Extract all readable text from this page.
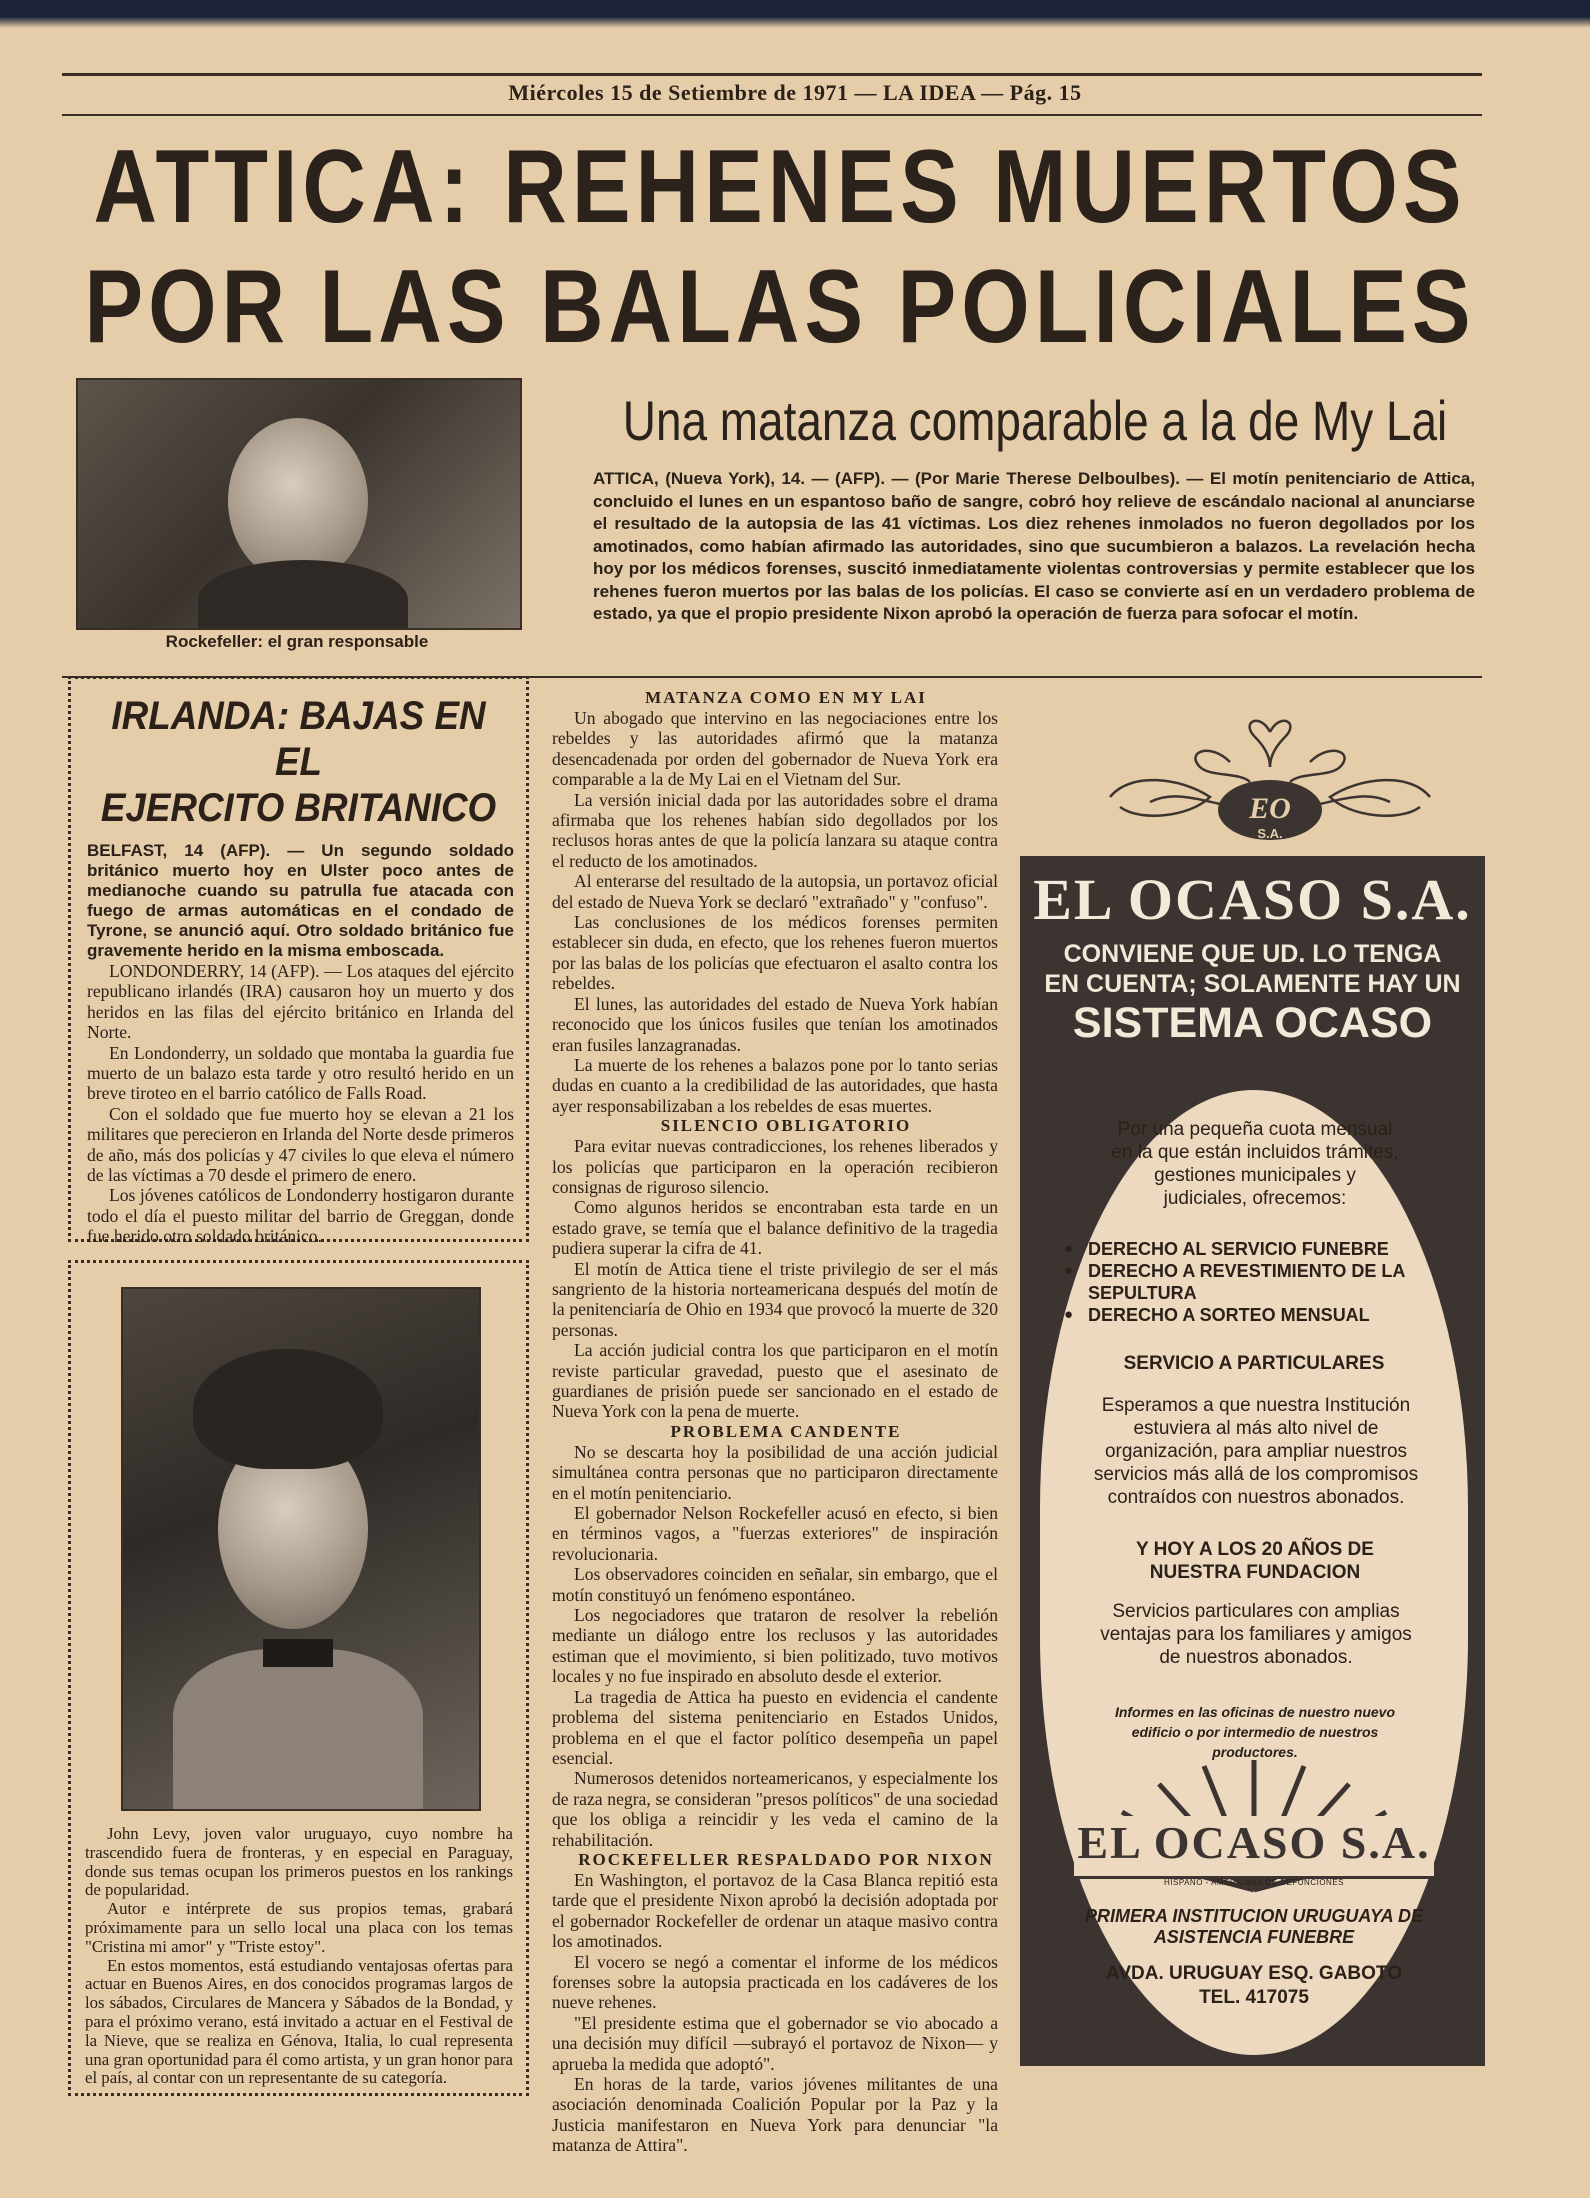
Miércoles 15 de Setiembre de 1971 — LA IDEA — Pág. 15
ATTICA: REHENES MUERTOS
POR LAS BALAS POLICIALES
Rockefeller: el gran responsable
Una matanza comparable a la de My Lai
ATTICA, (Nueva York), 14. — (AFP). — (Por Marie Therese Delboulbes). — El motín penitenciario de Attica, concluido el lunes en un espantoso baño de sangre, cobró hoy relieve de escándalo nacional al anunciarse el resultado de la autopsia de las 41 víctimas. Los diez rehenes inmolados no fueron degollados por los amotinados, como habían afirmado las autoridades, sino que sucumbieron a balazos. La revelación hecha hoy por los médicos forenses, suscitó inmediatamente violentas controversias y permite establecer que los rehenes fueron muertos por las balas de los policías. El caso se convierte así en un verdadero problema de estado, ya que el propio presidente Nixon aprobó la operación de fuerza para sofocar el motín.
IRLANDA: BAJAS EN EL
EJERCITO BRITANICO

BELFAST, 14 (AFP). — Un segundo soldado británico muerto hoy en Ulster poco antes de medianoche cuando su patrulla fue atacada con fuego de armas automáticas en el condado de Tyrone, se anunció aquí. Otro soldado británico fue gravemente herido en la misma emboscada.

LONDONDERRY, 14 (AFP). — Los ataques del ejército republicano irlandés (IRA) causaron hoy un muerto y dos heridos en las filas del ejército británico en Irlanda del Norte.

En Londonderry, un soldado que montaba la guardia fue muerto de un balazo esta tarde y otro resultó herido en un breve tiroteo en el barrio católico de Falls Road.

Con el soldado que fue muerto hoy se elevan a 21 los militares que perecieron en Irlanda del Norte desde primeros de año, más dos policías y 47 civiles lo que eleva el número de las víctimas a 70 desde el primero de enero.

Los jóvenes católicos de Londonderry hostigaron durante todo el día el puesto militar del barrio de Greggan, donde fue herido otro soldado británico.

John Levy, joven valor uruguayo, cuyo nombre ha trascendido fuera de fronteras, y en especial en Paraguay, donde sus temas ocupan los primeros puestos en los rankings de popularidad.

Autor e intérprete de sus propios temas, grabará próximamente para un sello local una placa con los temas "Cristina mi amor" y "Triste estoy".

En estos momentos, está estudiando ventajosas ofertas para actuar en Buenos Aires, en dos conocidos programas largos de los sábados, Circulares de Mancera y Sábados de la Bondad, y para el próximo verano, está invitado a actuar en el Festival de la Nieve, que se realiza en Génova, Italia, lo cual representa una gran oportunidad para él como artista, y un gran honor para el país, al contar con un representante de su categoría.

MATANZA COMO EN MY LAI

Un abogado que intervino en las negociaciones entre los rebeldes y las autoridades afirmó que la matanza desencadenada por orden del gobernador de Nueva York era comparable a la de My Lai en el Vietnam del Sur.

La versión inicial dada por las autoridades sobre el drama afirmaba que los rehenes habían sido degollados por los reclusos horas antes de que la policía lanzara su ataque contra el reducto de los amotinados.

Al enterarse del resultado de la autopsia, un portavoz oficial del estado de Nueva York se declaró "extrañado" y "confuso".

Las conclusiones de los médicos forenses permiten establecer sin duda, en efecto, que los rehenes fueron muertos por las balas de los policías que efectuaron el asalto contra los rebeldes.

El lunes, las autoridades del estado de Nueva York habían reconocido que los únicos fusiles que tenían los amotinados eran fusiles lanzagranadas.

La muerte de los rehenes a balazos pone por lo tanto serias dudas en cuanto a la credibilidad de las autoridades, que hasta ayer responsabilizaban a los rebeldes de esas muertes.

SILENCIO OBLIGATORIO

Para evitar nuevas contradicciones, los rehenes liberados y los policías que participaron en la operación recibieron consignas de riguroso silencio.

Como algunos heridos se encontraban esta tarde en un estado grave, se temía que el balance definitivo de la tragedia pudiera superar la cifra de 41.

El motín de Attica tiene el triste privilegio de ser el más sangriento de la historia norteamericana después del motín de la penitenciaría de Ohio en 1934 que provocó la muerte de 320 personas.

La acción judicial contra los que participaron en el motín reviste particular gravedad, puesto que el asesinato de guardianes de prisión puede ser sancionado en el estado de Nueva York con la pena de muerte.

PROBLEMA CANDENTE

No se descarta hoy la posibilidad de una acción judicial simultánea contra personas que no participaron directamente en el motín penitenciario.

El gobernador Nelson Rockefeller acusó en efecto, si bien en términos vagos, a "fuerzas exteriores" de inspiración revolucionaria.

Los observadores coinciden en señalar, sin embargo, que el motín constituyó un fenómeno espontáneo.

Los negociadores que trataron de resolver la rebelión mediante un diálogo entre los reclusos y las autoridades estiman que el movimiento, si bien politizado, tuvo motivos locales y no fue inspirado en absoluto desde el exterior.

La tragedia de Attica ha puesto en evidencia el candente problema del sistema penitenciario en Estados Unidos, problema en el que el factor político desempeña un papel esencial.

Numerosos detenidos norteamericanos, y especialmente los de raza negra, se consideran "presos políticos" de una sociedad que los obliga a reincidir y les veda el camino de la rehabilitación.

ROCKEFELLER RESPALDADO POR NIXON

En Washington, el portavoz de la Casa Blanca repitió esta tarde que el presidente Nixon aprobó la decisión adoptada por el gobernador Rockefeller de ordenar un ataque masivo contra los amotinados.

El vocero se negó a comentar el informe de los médicos forenses sobre la autopsia practicada en los cadáveres de los nueve rehenes.

"El presidente estima que el gobernador se vio abocado a una decisión muy difícil —subrayó el portavoz de Nixon— y aprueba la medida que adoptó".

En horas de la tarde, varios jóvenes militantes de una asociación denominada Coalición Popular por la Paz y la Justicia manifestaron en Nueva York para denunciar "la matanza de Attira".

EO
S.A.
EL OCASO S.A.
CONVIENE QUE UD. LO TENGA
EN CUENTA; SOLAMENTE HAY UN
SISTEMA OCASO
Por una pequeña cuota mensual en la que están incluidos trámites, gestiones municipales y judiciales, ofrecemos:
● DERECHO AL SERVICIO FUNEBRE
● DERECHO A REVESTIMIENTO DE LA SEPULTURA
● DERECHO A SORTEO MENSUAL
SERVICIO A PARTICULARES
Esperamos a que nuestra Institución estuviera al más alto nivel de organización, para ampliar nuestros servicios más allá de los compromisos contraídos con nuestros abonados.
Y HOY A LOS 20 AÑOS DE NUESTRA FUNDACION
Servicios particulares con amplias ventajas para los familiares y amigos de nuestros abonados.
Informes en las oficinas de nuestro nuevo edificio o por intermedio de nuestros productores.
EL OCASO S.A.
HISPANO - AMERICANA DE DEFUNCIONES
PRIMERA INSTITUCION URUGUAYA DE ASISTENCIA FUNEBRE
AVDA. URUGUAY ESQ. GABOTO
TEL. 417075
